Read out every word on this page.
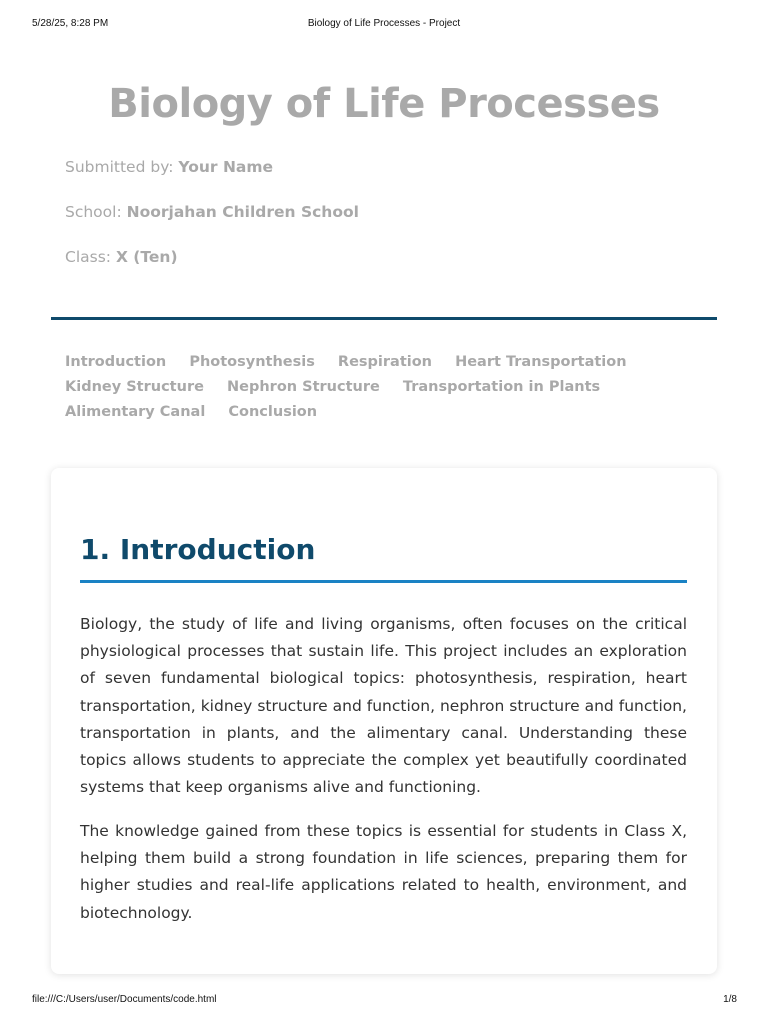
5/28/25, 8:28 PM	Biology of Life Processes - Project
Biology of Life Processes
Submitted by: Your Name
School: Noorjahan Children School
Class: X (Ten)
Introduction Photosynthesis Respiration Heart Transportation Kidney Structure Nephron Structure Transportation in Plants Alimentary Canal Conclusion
1. Introduction

Biology, the study of life and living organisms, often focuses on the critical physiological processes that sustain life. This project includes an exploration of seven fundamental biological topics: photosynthesis, respiration, heart transportation, kidney structure and function, nephron structure and function, transportation in plants, and the alimentary canal. Understanding these topics allows students to appreciate the complex yet beautifully coordinated systems that keep organisms alive and functioning.

The knowledge gained from these topics is essential for students in Class X, helping them build a strong foundation in life sciences, preparing them for higher studies and real-life applications related to health, environment, and biotechnology.

file:///C:/Users/user/Documents/code.html	1/8
